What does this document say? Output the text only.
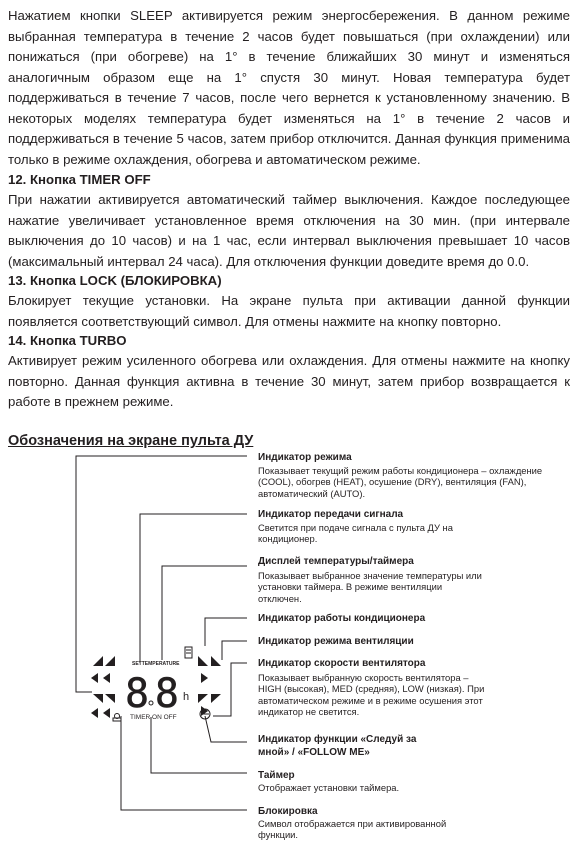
Нажатием кнопки SLEEP активируется режим энергосбережения. В данном режиме выбранная температура в течение 2 часов будет повышаться (при охлаждении) или понижаться (при обогреве) на 1° в течение ближайших 30 минут и изменяться аналогичным образом еще на 1° спустя 30 минут. Новая температура будет поддерживаться в течение 7 часов, после чего вернется к установленному значению. В некоторых моделях температура будет изменяться на 1° в течение 2 часов и поддерживаться в течение 5 часов, затем прибор отключится. Данная функция применима только в режиме охлаждения, обогрева и автоматическом режиме.

12. Кнопка TIMER OFF

При нажатии активируется автоматический таймер выключения. Каждое последующее нажатие увеличивает установленное время отключения на 30 мин. (при интервале выключения до 10 часов) и на 1 час, если интервал выключения превышает 10 часов (максимальный интервал 24 часа). Для отключения функции доведите время до 0.0.

13. Кнопка LOCK (БЛОКИРОВКА)

Блокирует текущие установки. На экране пульта при активации данной функции появляется соответствующий символ. Для отмены нажмите на кнопку повторно.

14. Кнопка TURBO

Активирует режим усиленного обогрева или охлаждения. Для отмены нажмите на кнопку повторно. Данная функция активна в течение 30 минут, затем прибор возвращается к работе в прежнем режиме.

Обозначения на экране пульта ДУ

SETTEMPERATURE
88 h
TIMER ON OFF
Индикатор режима
Показывает текущий режим работы кондиционера – охлаждение (COOL), обогрев (HEAT), осушение (DRY), вентиляция (FAN), автоматический (AUTO).
Индикатор передачи сигнала
Светится при подаче сигнала с пульта ДУ на кондиционер.
Дисплей температуры/таймера
Показывает выбранное значение температуры или установки таймера. В режиме вентиляции отключен.
Индикатор работы кондиционера
Индикатор режима вентиляции
Индикатор скорости вентилятора
Показывает выбранную скорость вентилятора – HIGH (высокая), MED (средняя), LOW (низкая). При автоматическом режиме и в режиме осушения этот индикатор не светится.
Индикатор функции «Следуй за мной» / «FOLLOW ME»
Таймер
Отображает установки таймера.
Блокировка
Символ отображается при активированной функции.
